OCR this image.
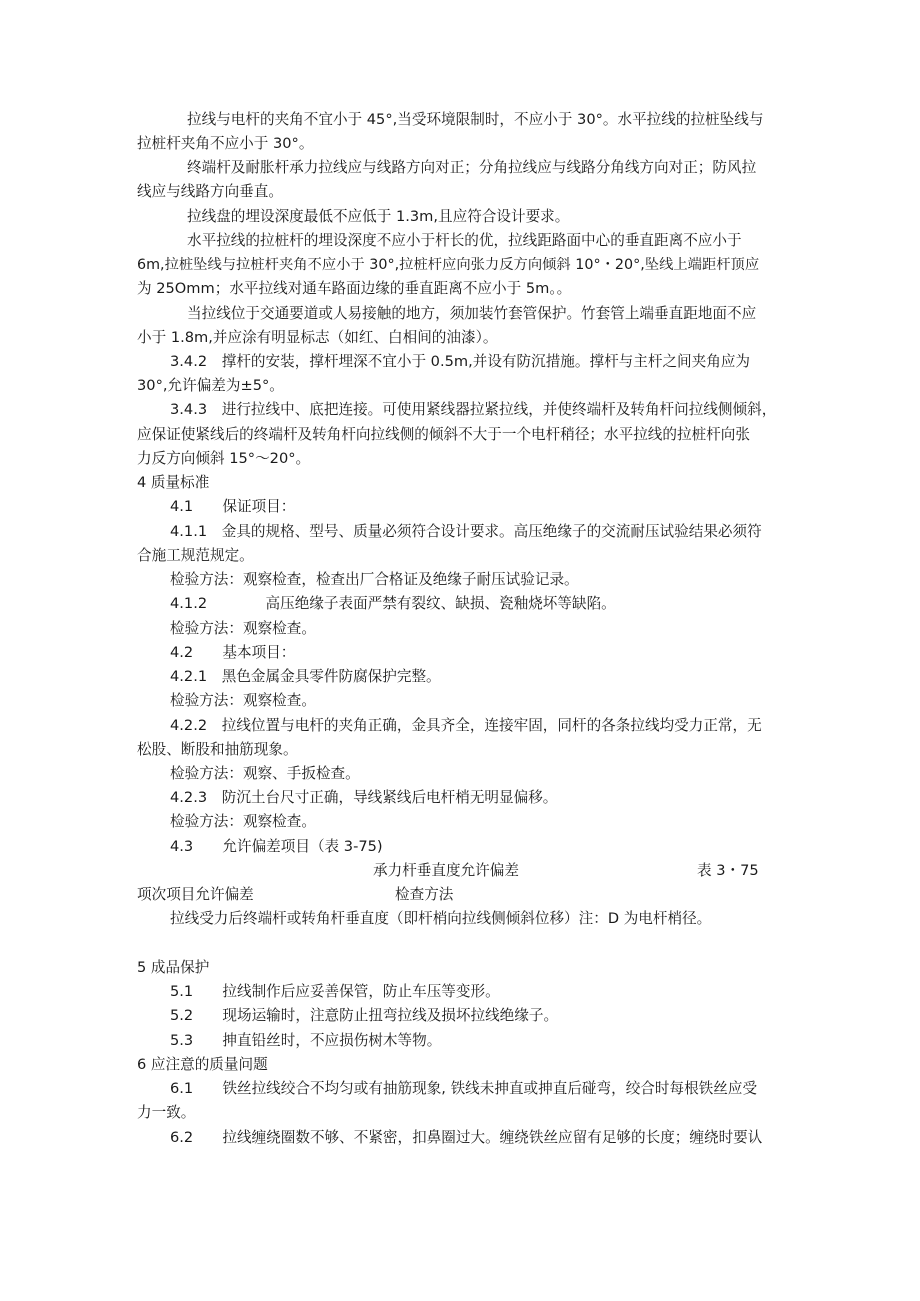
拉线与电杆的夹角不宜小于 45°,当受环境限制时，不应小于 30°。水平拉线的拉桩坠线与
拉桩杆夹角不应小于 30°。
终端杆及耐胀杆承力拉线应与线路方向对正；分角拉线应与线路分角线方向对正；防风拉
线应与线路方向垂直。
拉线盘的埋设深度最低不应低于 1.3m,且应符合设计要求。
水平拉线的拉桩杆的埋设深度不应小于杆长的优，拉线距路面中心的垂直距离不应小于
6m,拉桩坠线与拉桩杆夹角不应小于 30°,拉桩杆应向张力反方向倾斜 10°・20°,坠线上端距杆顶应
为 25Omm；水平拉线对通车路面边缘的垂直距离不应小于 5m。。
当拉线位于交通要道或人易接触的地方，须加装竹套管保护。竹套管上端垂直距地面不应
小于 1.8m,并应涂有明显标志（如红、白相间的油漆）。
3.4.2　撑杆的安装，撑杆埋深不宜小于 0.5m,并设有防沉措施。撑杆与主杆之间夹角应为
30°,允许偏差为±5°。
3.4.3　进行拉线中、底把连接。可使用紧线器拉紧拉线，并使终端杆及转角杆问拉线侧倾斜，
应保证使紧线后的终端杆及转角杆向拉线侧的倾斜不大于一个电杆稍径；水平拉线的拉桩杆向张
力反方向倾斜 15°〜20°。
4 质量标准
4.1　　保证项目：
4.1.1　金具的规格、型号、质量必须符合设计要求。高压绝缘子的交流耐压试验结果必须符
合施工规范规定。
检验方法：观察检查，检查出厂合格证及绝缘子耐压试验记录。
4.1.2　　　　高压绝缘子表面严禁有裂纹、缺损、瓷釉烧坏等缺陷。
检验方法：观察检查。
4.2　　基本项目：
4.2.1　黑色金属金具零件防腐保护完整。
检验方法：观察检查。
4.2.2　拉线位置与电杆的夹角正确，金具齐全，连接牢固，同杆的各条拉线均受力正常，无
松股、断股和抽筋现象。
检验方法：观察、手扳检查。
4.2.3　防沉土台尺寸正确，导线紧线后电杆梢无明显偏移。
检验方法：观察检查。
4.3　　允许偏差项目（表 3-75)
承力杆垂直度允许偏差	表 3・75
项次项目允许偏差	检查方法
拉线受力后终端杆或转角杆垂直度（即杆梢向拉线侧倾斜位移）注：D 为电杆梢径。
5 成品保护
5.1　　拉线制作后应妥善保管，防止车压等变形。
5.2　　现场运输时，注意防止扭弯拉线及损坏拉线绝缘子。
5.3　　抻直铅丝时，不应损伤树木等物。
6 应注意的质量问题
6.1　　铁丝拉线绞合不均匀或有抽筋现象, 铁线未抻直或抻直后碰弯，绞合时每根铁丝应受
力一致。
6.2　　拉线缠绕圈数不够、不紧密，扣鼻圈过大。缠绕铁丝应留有足够的长度；缠绕时要认
